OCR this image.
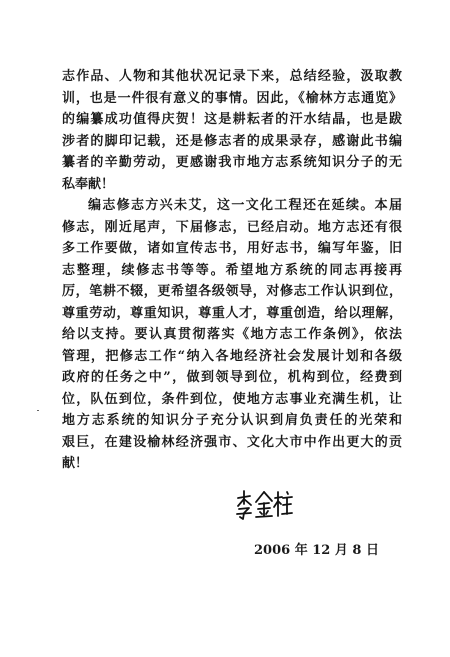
志作品、人物和其他状况记录下来，总结经验，汲取教
训，也是一件很有意义的事情。因此，《榆林方志通览》
的编纂成功值得庆贺！这是耕耘者的汗水结晶，也是跋
涉者的脚印记载，还是修志者的成果录存，感谢此书编
纂者的辛勤劳动，更感谢我市地方志系统知识分子的无
私奉献！
编志修志方兴未艾，这一文化工程还在延续。本届
修志，刚近尾声，下届修志，已经启动。地方志还有很
多工作要做，诸如宣传志书，用好志书，编写年鉴，旧
志整理，续修志书等等。希望地方系统的同志再接再
厉，笔耕不辍，更希望各级领导，对修志工作认识到位，
尊重劳动，尊重知识，尊重人才，尊重创造，给以理解，
给以支持。要认真贯彻落实《地方志工作条例》，依法
管理，把修志工作“纳入各地经济社会发展计划和各级
政府的任务之中”，做到领导到位，机构到位，经费到
位，队伍到位，条件到位，使地方志事业充满生机，让
地方志系统的知识分子充分认识到肩负责任的光荣和
艰巨，在建设榆林经济强市、文化大市中作出更大的贡
献！
2006 年 12 月 8 日
